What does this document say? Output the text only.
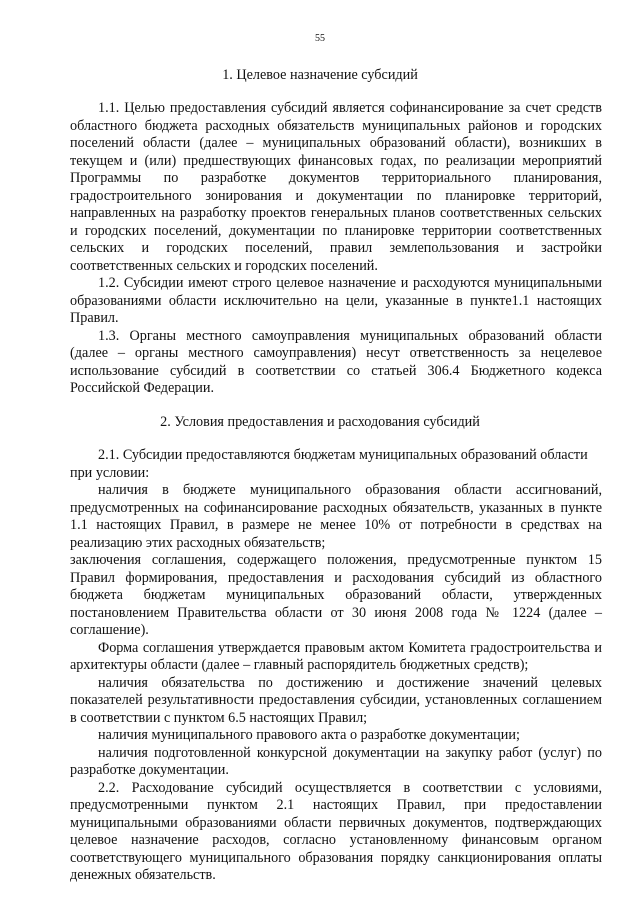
55
1. Целевое назначение субсидий

1.1. Целью предоставления субсидий является софинансирование за счет средств областного бюджета расходных обязательств муниципальных районов и городских поселений области (далее – муниципальных образований области), возникших в текущем и (или) предшествующих финансовых годах, по реализации мероприятий Программы по разработке документов территориального планирования, градостроительного зонирования и документации по планировке территорий, направленных на разработку проектов генеральных планов соответственных сельских и городских поселений, документации по планировке территории соответственных сельских и городских поселений, правил землепользования и застройки соответственных сельских и городских поселений.

1.2. Субсидии имеют строго целевое назначение и расходуются муниципальными образованиями области исключительно на цели, указанные в пункте1.1 настоящих Правил.

1.3. Органы местного самоуправления муниципальных образований области (далее – органы местного самоуправления) несут ответственность за нецелевое использование субсидий в соответствии со статьей 306.4 Бюджетного кодекса Российской Федерации.

2. Условия предоставления и расходования субсидий

2.1. Субсидии предоставляются бюджетам муниципальных образований области

при условии:

наличия в бюджете муниципального образования области ассигнований, предусмотренных на софинансирование расходных обязательств, указанных в пункте 1.1 настоящих Правил, в размере не менее 10% от потребности в средствах на реализацию этих расходных обязательств;

заключения соглашения, содержащего положения, предусмотренные пунктом 15 Правил формирования, предоставления и расходования субсидий из областного бюджета бюджетам муниципальных образований области, утвержденных постановлением Правительства области от 30 июня 2008 года № 1224 (далее – соглашение).

Форма соглашения утверждается правовым актом Комитета градостроительства и архитектуры области (далее – главный распорядитель бюджетных средств);

наличия обязательства по достижению и достижение значений целевых показателей результативности предоставления субсидии, установленных соглашением в соответствии с пунктом 6.5 настоящих Правил;

наличия муниципального правового акта о разработке документации;

наличия подготовленной конкурсной документации на закупку работ (услуг) по разработке документации.

2.2. Расходование субсидий осуществляется в соответствии с условиями, предусмотренными пунктом 2.1 настоящих Правил, при предоставлении муниципальными образованиями области первичных документов, подтверждающих целевое назначение расходов, согласно установленному финансовым органом соответствующего муниципального образования порядку санкционирования оплаты денежных обязательств.
